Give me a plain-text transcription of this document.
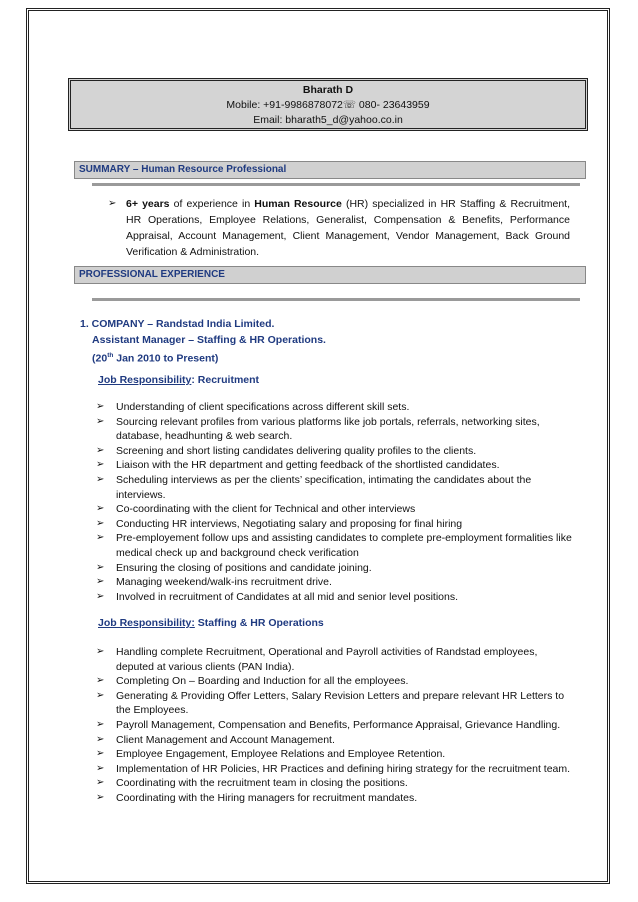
Bharath D
Mobile: +91-9986878072☏ 080- 23643959
Email: bharath5_d@yahoo.co.in
SUMMARY – Human Resource Professional
➢ 6+ years of experience in Human Resource (HR) specialized in HR Staffing & Recruitment, HR Operations, Employee Relations, Generalist, Compensation & Benefits, Performance Appraisal, Account Management, Client Management, Vendor Management, Back Ground Verification & Administration.
PROFESSIONAL EXPERIENCE
1. COMPANY – Randstad India Limited.
Assistant Manager – Staffing & HR Operations.
(20th Jan 2010 to Present)
Job Responsibility: Recruitment
➢	Understanding of client specifications across different skill sets.
➢	Sourcing relevant profiles from various platforms like job portals, referrals, networking sites, database, headhunting & web search.
➢	Screening and short listing candidates delivering quality profiles to the clients.
➢	Liaison with the HR department and getting feedback of the shortlisted candidates.
➢	Scheduling interviews as per the clients’ specification, intimating the candidates about the interviews.
➢	Co-coordinating with the client for Technical and other interviews
➢	Conducting HR interviews, Negotiating salary and proposing for final hiring
➢	Pre-employement follow ups and assisting candidates to complete pre-employment formalities like medical check up and background check verification
➢	Ensuring the closing of positions and candidate joining.
➢	Managing weekend/walk-ins recruitment drive.
➢	Involved in recruitment of Candidates at all mid and senior level positions.
Job Responsibility: Staffing & HR Operations
➢	Handling complete Recruitment, Operational and Payroll activities of Randstad employees, deputed at various clients (PAN India).
➢	Completing On – Boarding and Induction for all the employees.
➢	Generating & Providing Offer Letters, Salary Revision Letters and prepare relevant HR Letters to the Employees.
➢	Payroll Management, Compensation and Benefits, Performance Appraisal, Grievance Handling.
➢	Client Management and Account Management.
➢	Employee Engagement, Employee Relations and Employee Retention.
➢	Implementation of HR Policies, HR Practices and defining hiring strategy for the recruitment team.
➢	Coordinating with the recruitment team in closing the positions.
➢	Coordinating with the Hiring managers for recruitment mandates.
